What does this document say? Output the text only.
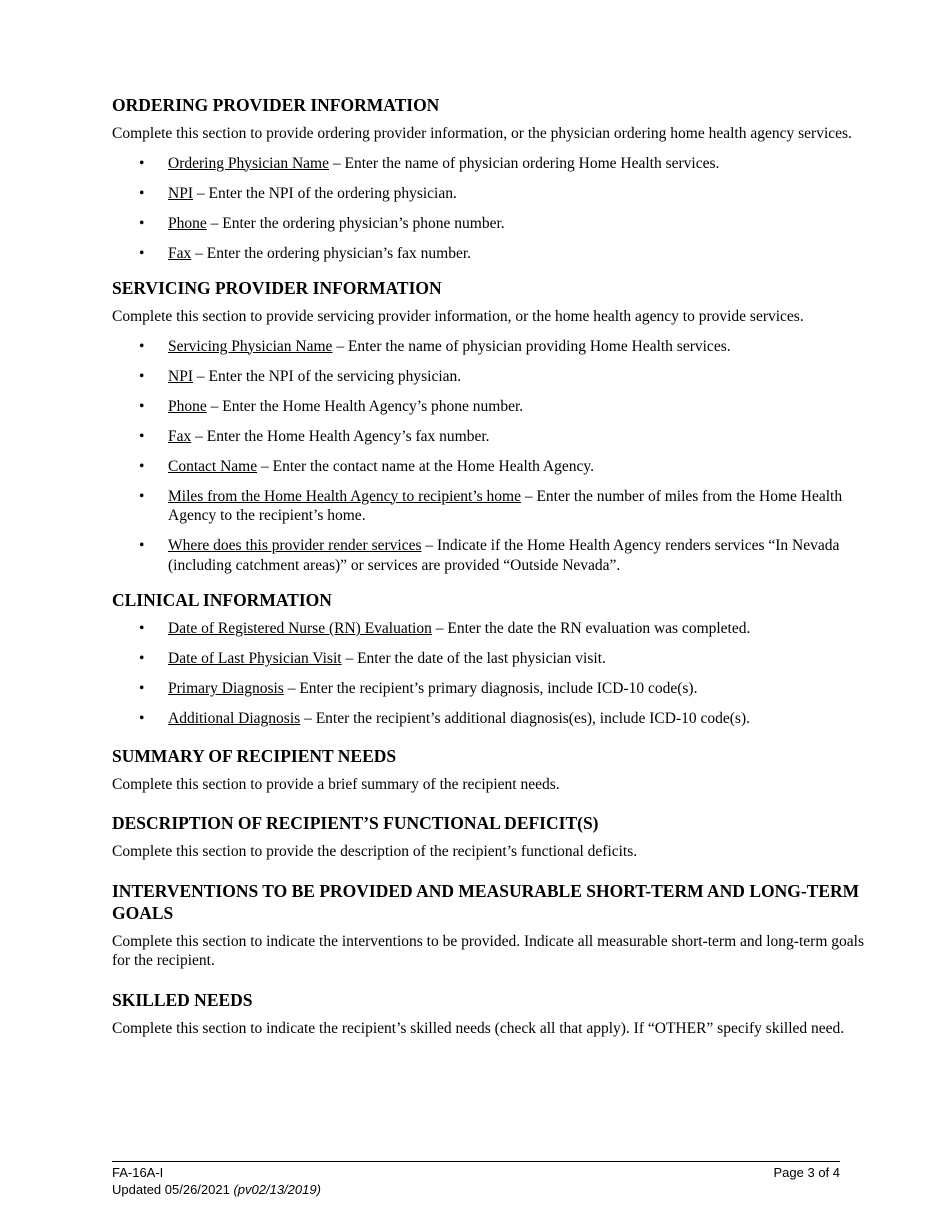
ORDERING PROVIDER INFORMATION

Complete this section to provide ordering provider information, or the physician ordering home health agency services.

• Ordering Physician Name – Enter the name of physician ordering Home Health services.
• NPI – Enter the NPI of the ordering physician.
• Phone – Enter the ordering physician’s phone number.
• Fax – Enter the ordering physician’s fax number.
SERVICING PROVIDER INFORMATION

Complete this section to provide servicing provider information, or the home health agency to provide services.

• Servicing Physician Name – Enter the name of physician providing Home Health services.
• NPI – Enter the NPI of the servicing physician.
• Phone – Enter the Home Health Agency’s phone number.
• Fax – Enter the Home Health Agency’s fax number.
• Contact Name – Enter the contact name at the Home Health Agency.
• Miles from the Home Health Agency to recipient’s home – Enter the number of miles from the Home Health Agency to the recipient’s home.
• Where does this provider render services – Indicate if the Home Health Agency renders services “In Nevada (including catchment areas)” or services are provided “Outside Nevada”.
CLINICAL INFORMATION
• Date of Registered Nurse (RN) Evaluation – Enter the date the RN evaluation was completed.
• Date of Last Physician Visit – Enter the date of the last physician visit.
• Primary Diagnosis – Enter the recipient’s primary diagnosis, include ICD-10 code(s).
• Additional Diagnosis – Enter the recipient’s additional diagnosis(es), include ICD-10 code(s).
SUMMARY OF RECIPIENT NEEDS

Complete this section to provide a brief summary of the recipient needs.

DESCRIPTION OF RECIPIENT’S FUNCTIONAL DEFICIT(S)

Complete this section to provide the description of the recipient’s functional deficits.

INTERVENTIONS TO BE PROVIDED AND MEASURABLE SHORT-TERM AND LONG-TERM GOALS

Complete this section to indicate the interventions to be provided. Indicate all measurable short-term and long-term goals for the recipient.

SKILLED NEEDS

Complete this section to indicate the recipient’s skilled needs (check all that apply). If “OTHER” specify skilled need.

FA-16A-I	Page 3 of 4
Updated 05/26/2021 (pv02/13/2019)
